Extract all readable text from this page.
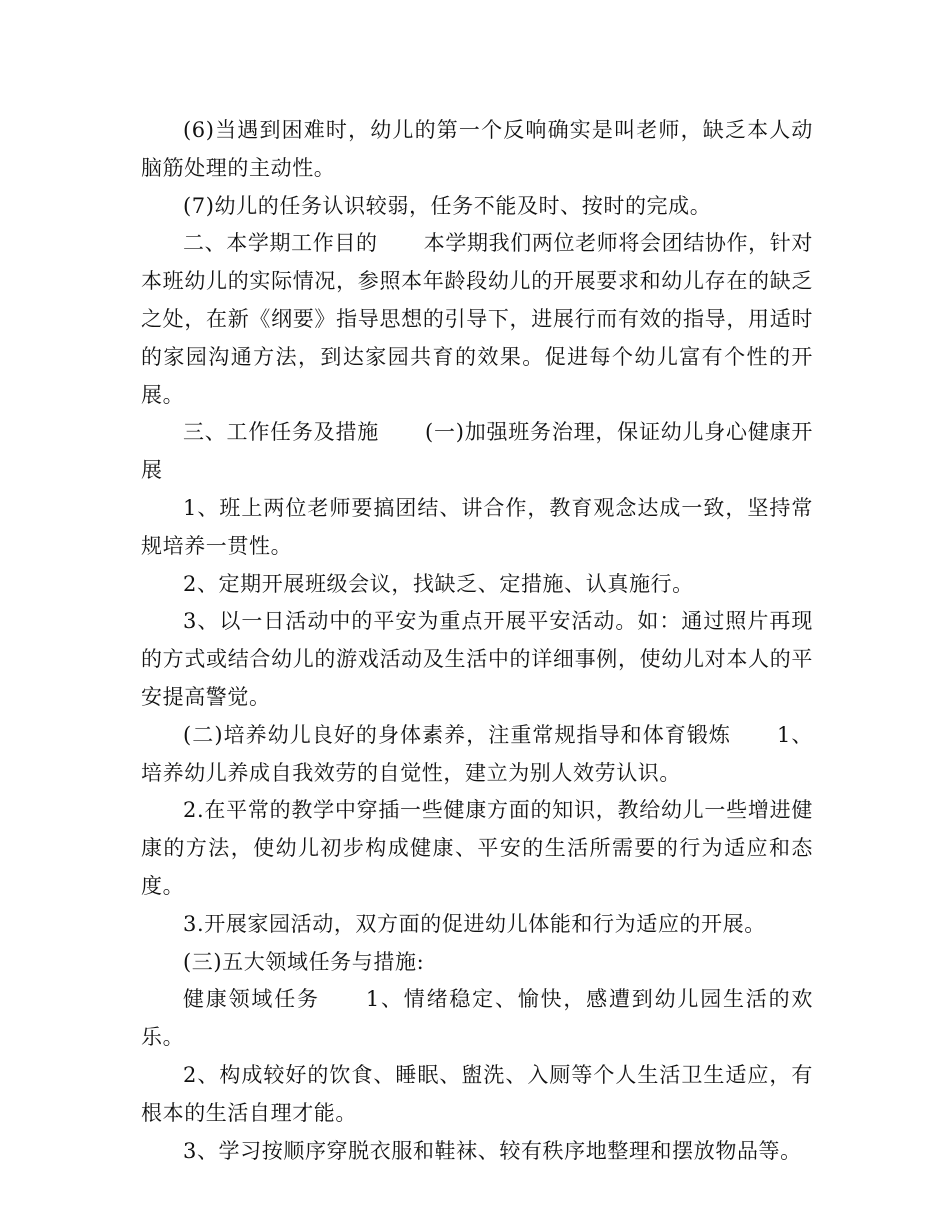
(6)当遇到困难时，幼儿的第一个反响确实是叫老师，缺乏本人动脑筋处理的主动性。

(7)幼儿的任务认识较弱，任务不能及时、按时的完成。

二、本学期工作目的 本学期我们两位老师将会团结协作，针对本班幼儿的实际情况，参照本年龄段幼儿的开展要求和幼儿存在的缺乏之处，在新《纲要》指导思想的引导下，进展行而有效的指导，用适时的家园沟通方法，到达家园共育的效果。促进每个幼儿富有个性的开展。

三、工作任务及措施 (一)加强班务治理，保证幼儿身心健康开展

1、班上两位老师要搞团结、讲合作，教育观念达成一致，坚持常规培养一贯性。

2、定期开展班级会议，找缺乏、定措施、认真施行。

3、以一日活动中的平安为重点开展平安活动。如：通过照片再现的方式或结合幼儿的游戏活动及生活中的详细事例，使幼儿对本人的平安提高警觉。

(二)培养幼儿良好的身体素养，注重常规指导和体育锻炼 1、培养幼儿养成自我效劳的自觉性，建立为别人效劳认识。

2.在平常的教学中穿插一些健康方面的知识，教给幼儿一些增进健康的方法，使幼儿初步构成健康、平安的生活所需要的行为适应和态度。

3.开展家园活动，双方面的促进幼儿体能和行为适应的开展。

(三)五大领域任务与措施:

健康领域任务 1、情绪稳定、愉快，感遭到幼儿园生活的欢乐。

2、构成较好的饮食、睡眠、盥洗、入厕等个人生活卫生适应，有根本的生活自理才能。

3、学习按顺序穿脱衣服和鞋袜、较有秩序地整理和摆放物品等。
